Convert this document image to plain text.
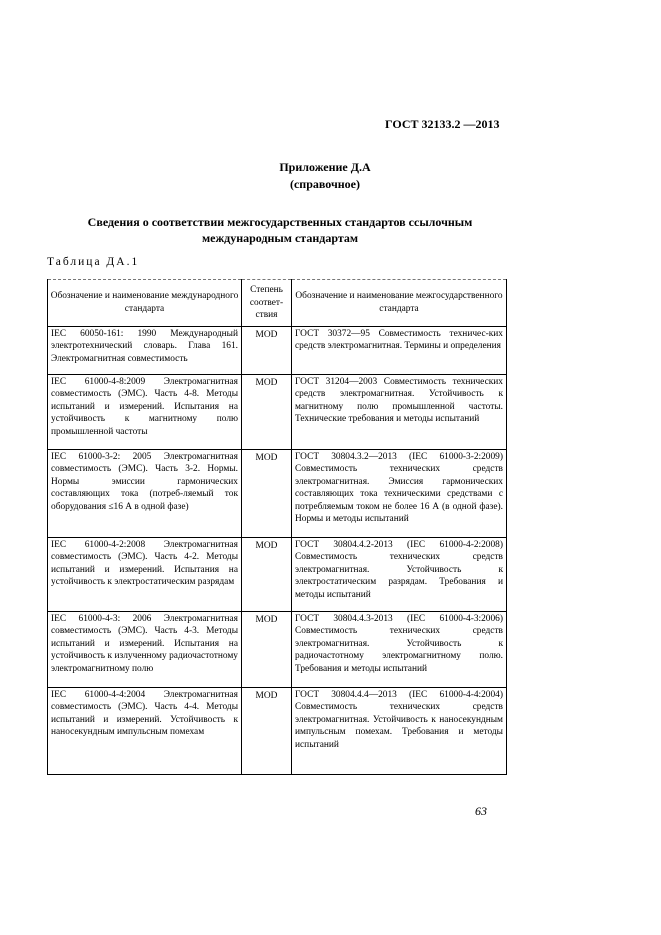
ГОСТ 32133.2 —2013
Приложение Д.А
(справочное)
Сведения о соответствии межгосударственных стандартов ссылочным
международным стандартам
Таблица ДА.1
Обозначение и наименование международного стандарта	Степень соответ-ствия	Обозначение и наименование межгосударственного стандарта
IEC 60050-161: 1990 Международный электротехнический словарь. Глава 161. Электромагнитная совместимость	MOD	ГОСТ 30372—95 Совместимость техничес-ких средств электромагнитная. Термины и определения
IEC 61000-4-8:2009 Электромагнитная совместимость (ЭМС). Часть 4-8. Методы испытаний и измерений. Испытания на устойчивость к магнитному полю промышленной частоты	MOD	ГОСТ 31204—2003 Совместимость технических средств электромагнитная. Устойчивость к магнитному полю промышленной частоты. Технические требования и методы испытаний
IEC 61000-3-2: 2005 Электромагнитная совместимость (ЭМС). Часть 3-2. Нормы. Нормы эмиссии гармонических составляющих тока (потреб-ляемый ток оборудования ≤16 А в одной фазе)	MOD	ГОСТ 30804.3.2—2013 (IEC 61000-3-2:2009) Совместимость технических средств электромагнитная. Эмиссия гармонических составляющих тока техническими средствами с потребляемым током не более 16 А (в одной фазе). Нормы и методы испытаний
IEC 61000-4-2:2008 Электромагнитная совместимость (ЭМС). Часть 4-2. Методы испытаний и измерений. Испытания на устойчивость к электростатическим разрядам	MOD	ГОСТ 30804.4.2-2013 (IEC 61000-4-2:2008) Совместимость технических средств электромагнитная. Устойчивость к электростатическим разрядам. Требования и методы испытаний
IEC 61000-4-3: 2006 Электромагнитная совместимость (ЭМС). Часть 4-3. Методы испытаний и измерений. Испытания на устойчивость к излученному радиочастотному электромагнитному полю	MOD	ГОСТ 30804.4.3-2013 (IEC 61000-4-3:2006) Совместимость технических средств электромагнитная. Устойчивость к радиочастотному электромагнитному полю. Требования и методы испытаний
IEC 61000-4-4:2004 Электромагнитная совместимость (ЭМС). Часть 4-4. Методы испытаний и измерений. Устойчивость к наносекундным импульсным помехам	MOD	ГОСТ 30804.4.4—2013 (IEC 61000-4-4:2004) Совместимость технических средств электромагнитная. Устойчивость к наносекундным импульсным помехам. Требования и методы испытаний
63
